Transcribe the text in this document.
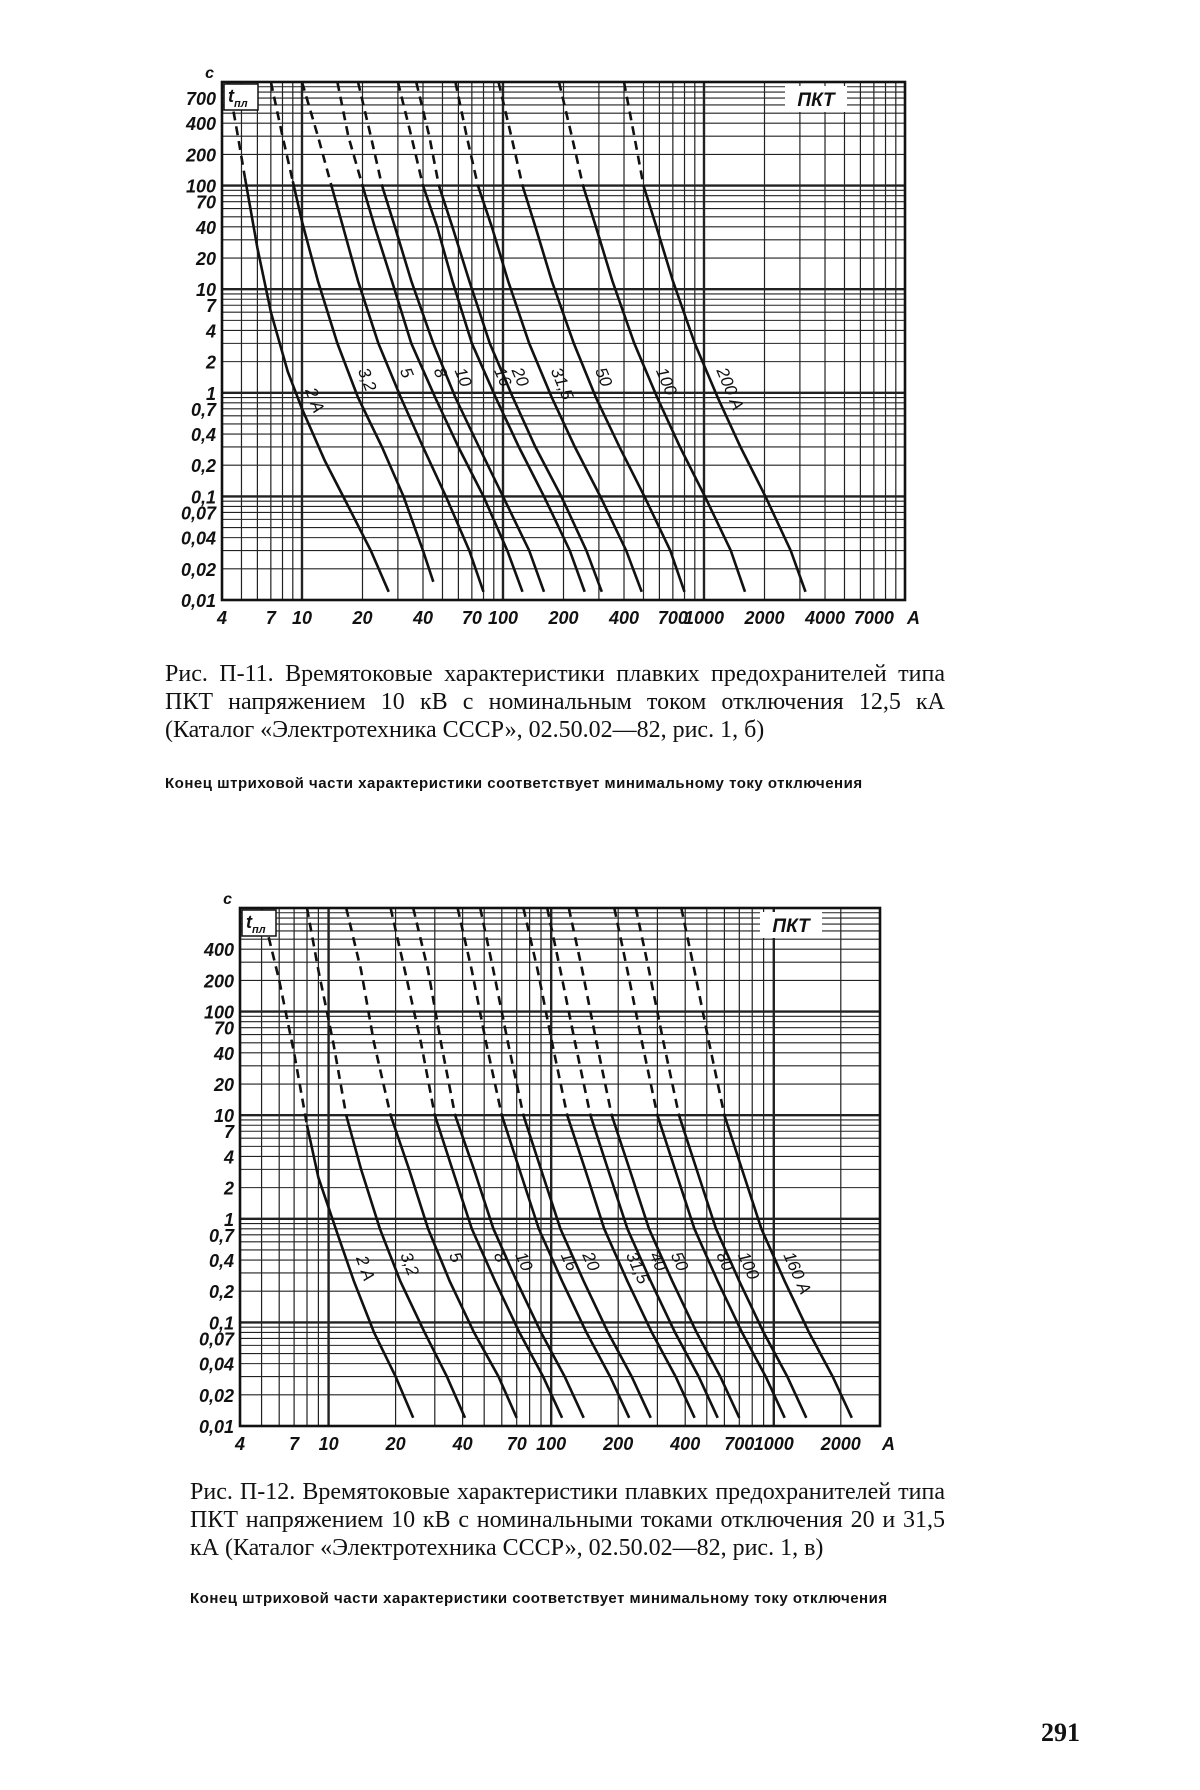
2 А
3,2 5 8 10 16
20 31,5 50 100 200 А
700
400
200
100
70
40
20
10
7
4
2
1
0,7
0,4
0,2
0,1
0,07
0,04
0,02
0,01
с
4 7 10 20 40 70 100 200 400 700
1000 2000 4000 7000 А
$t_{пл}$	ПКТ
2 А 3,2 5 8 10 16
20 31,5
40
50 80
100 160 А
400
200
100
70
40
20
10
7
4
2
1
0,7
0,4
0,2
0,1
0,07
0,04
0,02
0,01
с
4 7 10	20	40 70 100 200 400 700 1000 2000 А
$t_{пл}$	ПКТ
Рис. П-11. Времятоковые характеристики плавких предохранителей типа ПКТ напряжением 10 кВ с номинальным током отключения 12,5 кА (Каталог «Электротехника СССР», 02.50.02—82, рис. 1, б)
Конец штриховой части характеристики соответствует минимальному току отключения
Рис. П-12. Времятоковые характеристики плавких предохранителей типа ПКТ напряжением 10 кВ с номинальными токами отключения 20 и 31,5 кА (Каталог «Электротехника СССР», 02.50.02—82, рис. 1, в)
Конец штриховой части характеристики соответствует минимальному току отключения
291
